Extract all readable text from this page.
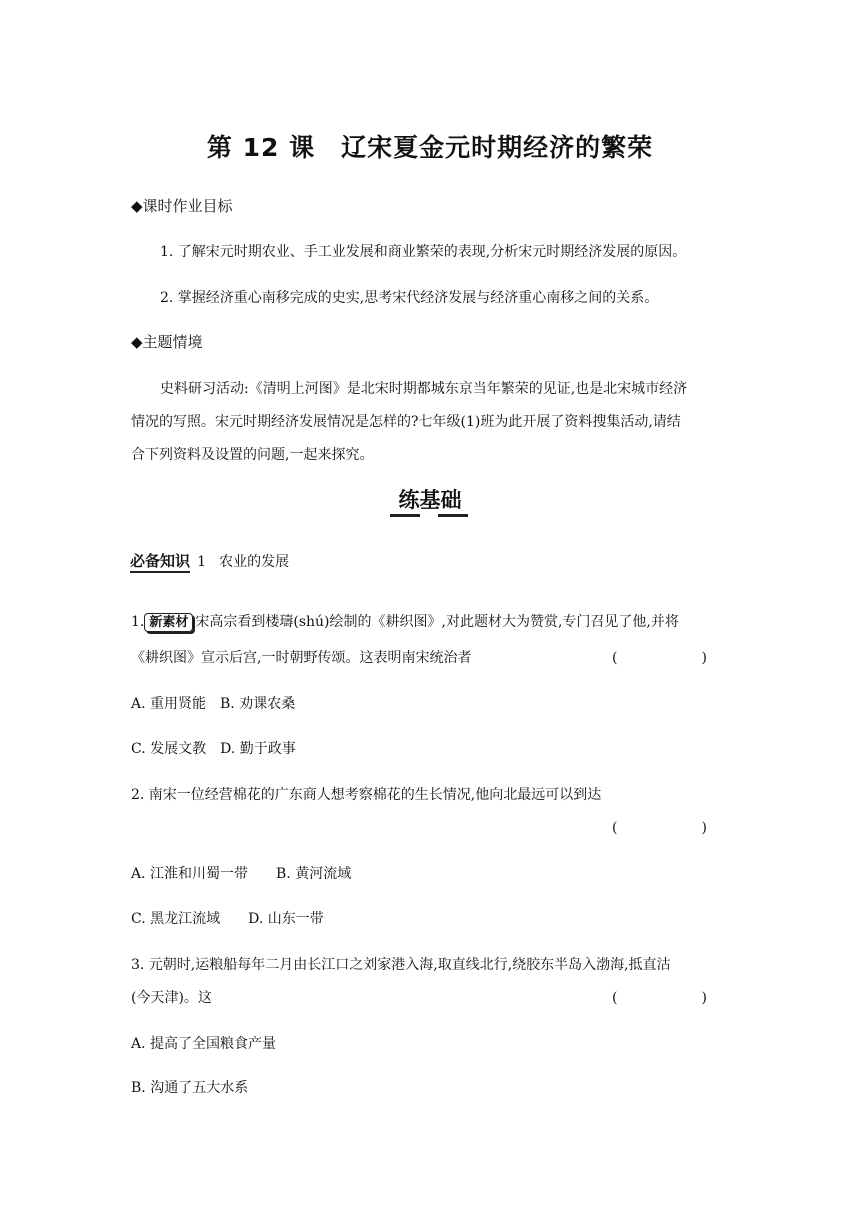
第 12 课　辽宋夏金元时期经济的繁荣
◆课时作业目标
1. 了解宋元时期农业、手工业发展和商业繁荣的表现,分析宋元时期经济发展的原因。
2. 掌握经济重心南移完成的史实,思考宋代经济发展与经济重心南移之间的关系。
◆主题情境
史料研习活动:《清明上河图》是北宋时期都城东京当年繁荣的见证,也是北宋城市经济
情况的写照。宋元时期经济发展情况是怎样的?七年级(1)班为此开展了资料搜集活动,请结
合下列资料及设置的问题,一起来探究。
练基础
必备知识 1 农业的发展
1. 新素材 宋高宗看到楼璹(shú)绘制的《耕织图》,对此题材大为赞赏,专门召见了他,并将
《耕织图》宣示后宫,一时朝野传颂。这表明南宋统治者	(　　　　　　)
A. 重用贤能　B. 劝课农桑
C. 发展文教　D. 勤于政事
2. 南宋一位经营棉花的广东商人想考察棉花的生长情况,他向北最远可以到达
(　　　　　　)
A. 江淮和川蜀一带　　B. 黄河流域
C. 黑龙江流域　　D. 山东一带
3. 元朝时,运粮船每年二月由长江口之刘家港入海,取直线北行,绕胶东半岛入渤海,抵直沽
(今天津)。这	(　　　　　　)
A. 提高了全国粮食产量
B. 沟通了五大水系
